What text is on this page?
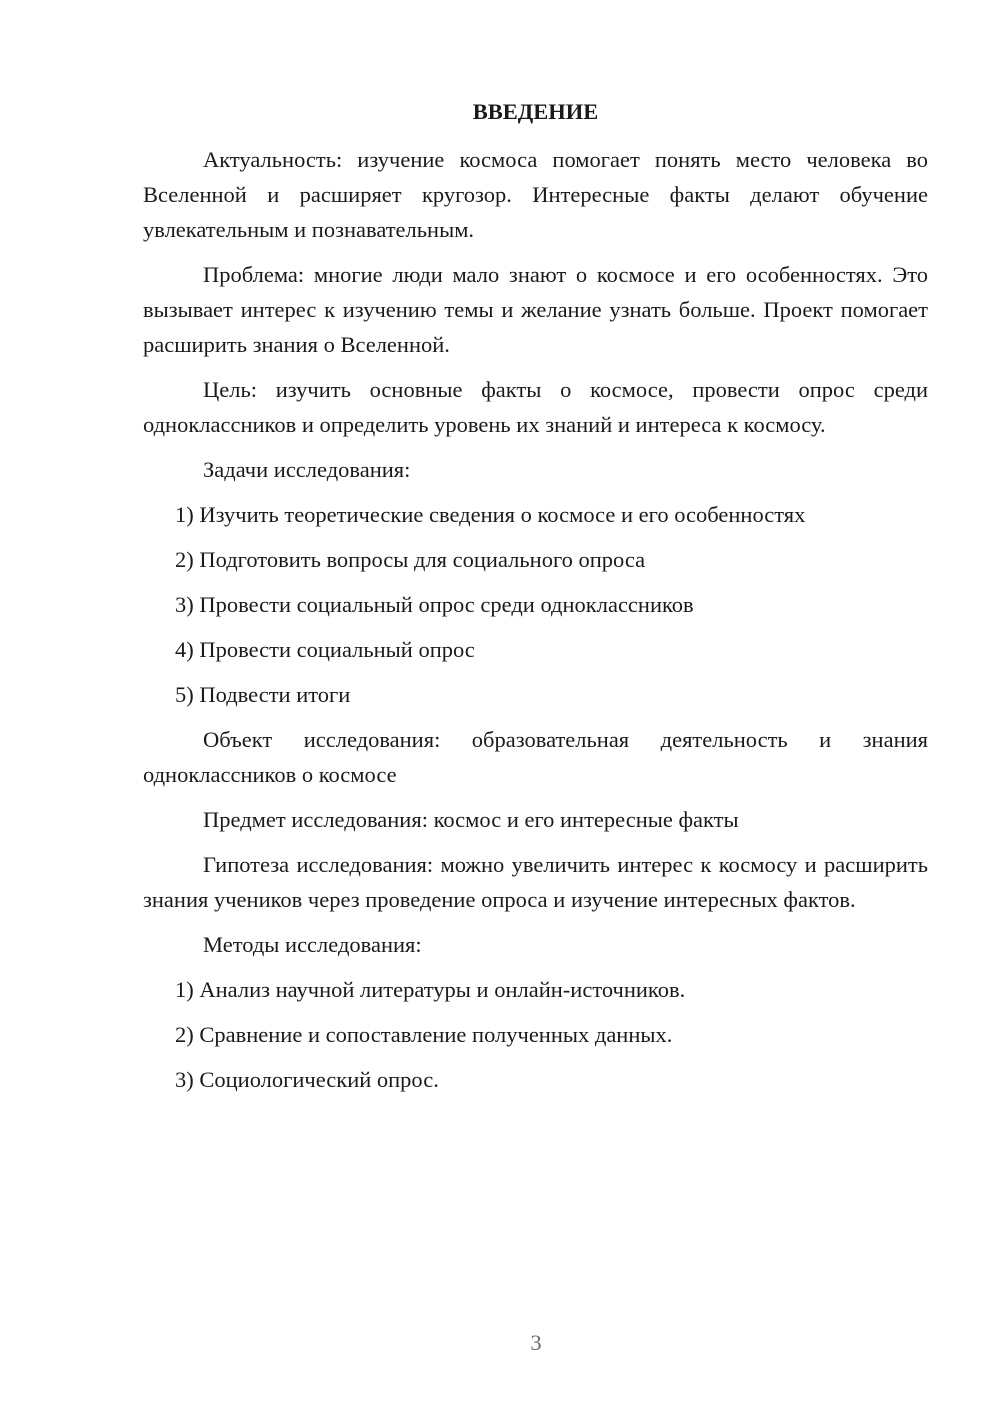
ВВЕДЕНИЕ

Актуальность: изучение космоса помогает понять место человека во Вселенной и расширяет кругозор. Интересные факты делают обучение увлекательным и познавательным.

Проблема: многие люди мало знают о космосе и его особенностях. Это вызывает интерес к изучению темы и желание узнать больше. Проект помогает расширить знания о Вселенной.

Цель: изучить основные факты о космосе, провести опрос среди одноклассников и определить уровень их знаний и интереса к космосу.

Задачи исследования:

1) Изучить теоретические сведения о космосе и его особенностях
2) Подготовить вопросы для социального опроса
3) Провести социальный опрос среди одноклассников
4) Провести социальный опрос
5) Подвести итоги

Объект исследования: образовательная деятельность и знания одноклассников о космосе

Предмет исследования: космос и его интересные факты

Гипотеза исследования: можно увеличить интерес к космосу и расширить знания учеников через проведение опроса и изучение интересных фактов.

Методы исследования:

1) Анализ научной литературы и онлайн-источников.
2) Сравнение и сопоставление полученных данных.
3) Социологический опрос.
3
